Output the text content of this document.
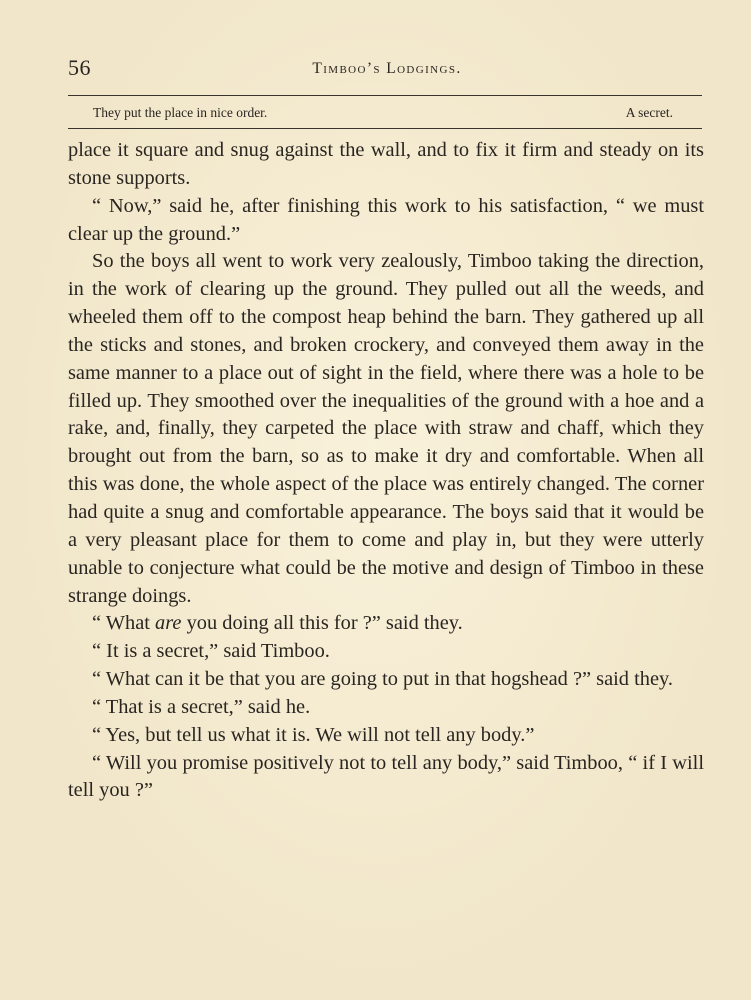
56	Timboo’s Lodgings.
They put the place in nice order.	A secret.

place it square and snug against the wall, and to fix it firm and steady on its stone supports.

“ Now,” said he, after finishing this work to his satisfaction, “ we must clear up the ground.”

So the boys all went to work very zealously, Timboo taking the direction, in the work of clearing up the ground. They pulled out all the weeds, and wheeled them off to the compost heap behind the barn. They gathered up all the sticks and stones, and broken crockery, and conveyed them away in the same manner to a place out of sight in the field, where there was a hole to be filled up. They smoothed over the inequalities of the ground with a hoe and a rake, and, finally, they carpeted the place with straw and chaff, which they brought out from the barn, so as to make it dry and comfortable. When all this was done, the whole aspect of the place was entirely changed. The corner had quite a snug and comfortable appearance. The boys said that it would be a very pleasant place for them to come and play in, but they were utterly unable to conjecture what could be the motive and design of Timboo in these strange doings.

“ What are you doing all this for ?” said they.

“ It is a secret,” said Timboo.

“ What can it be that you are going to put in that hogshead ?” said they.

“ That is a secret,” said he.

“ Yes, but tell us what it is. We will not tell any body.”

“ Will you promise positively not to tell any body,” said Timboo, “ if I will tell you ?”
